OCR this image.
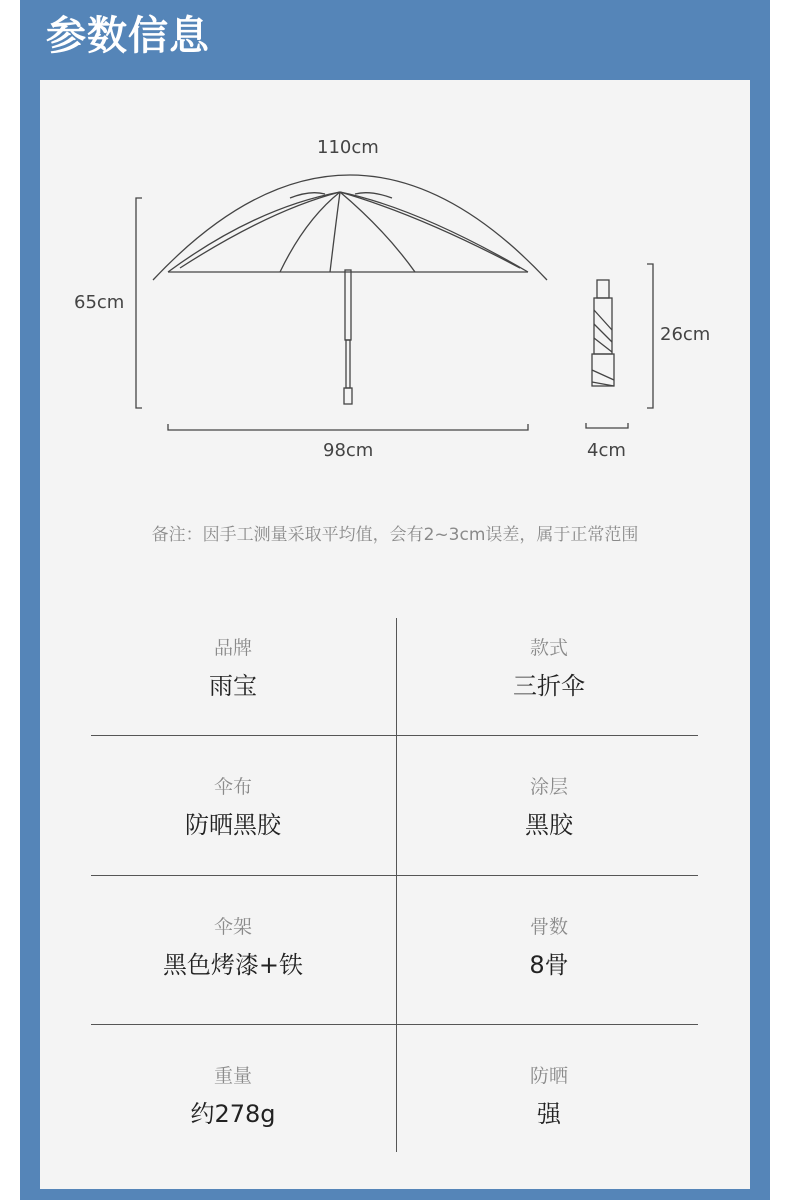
参数信息
110cm
65cm
98cm
26cm
4cm
备注：因手工测量采取平均值，会有2~3cm误差，属于正常范围
品牌
雨宝
款式
三折伞
伞布
防晒黑胶
涂层
黑胶
伞架
黑色烤漆+铁
骨数
8骨
重量
约278g
防晒
强
